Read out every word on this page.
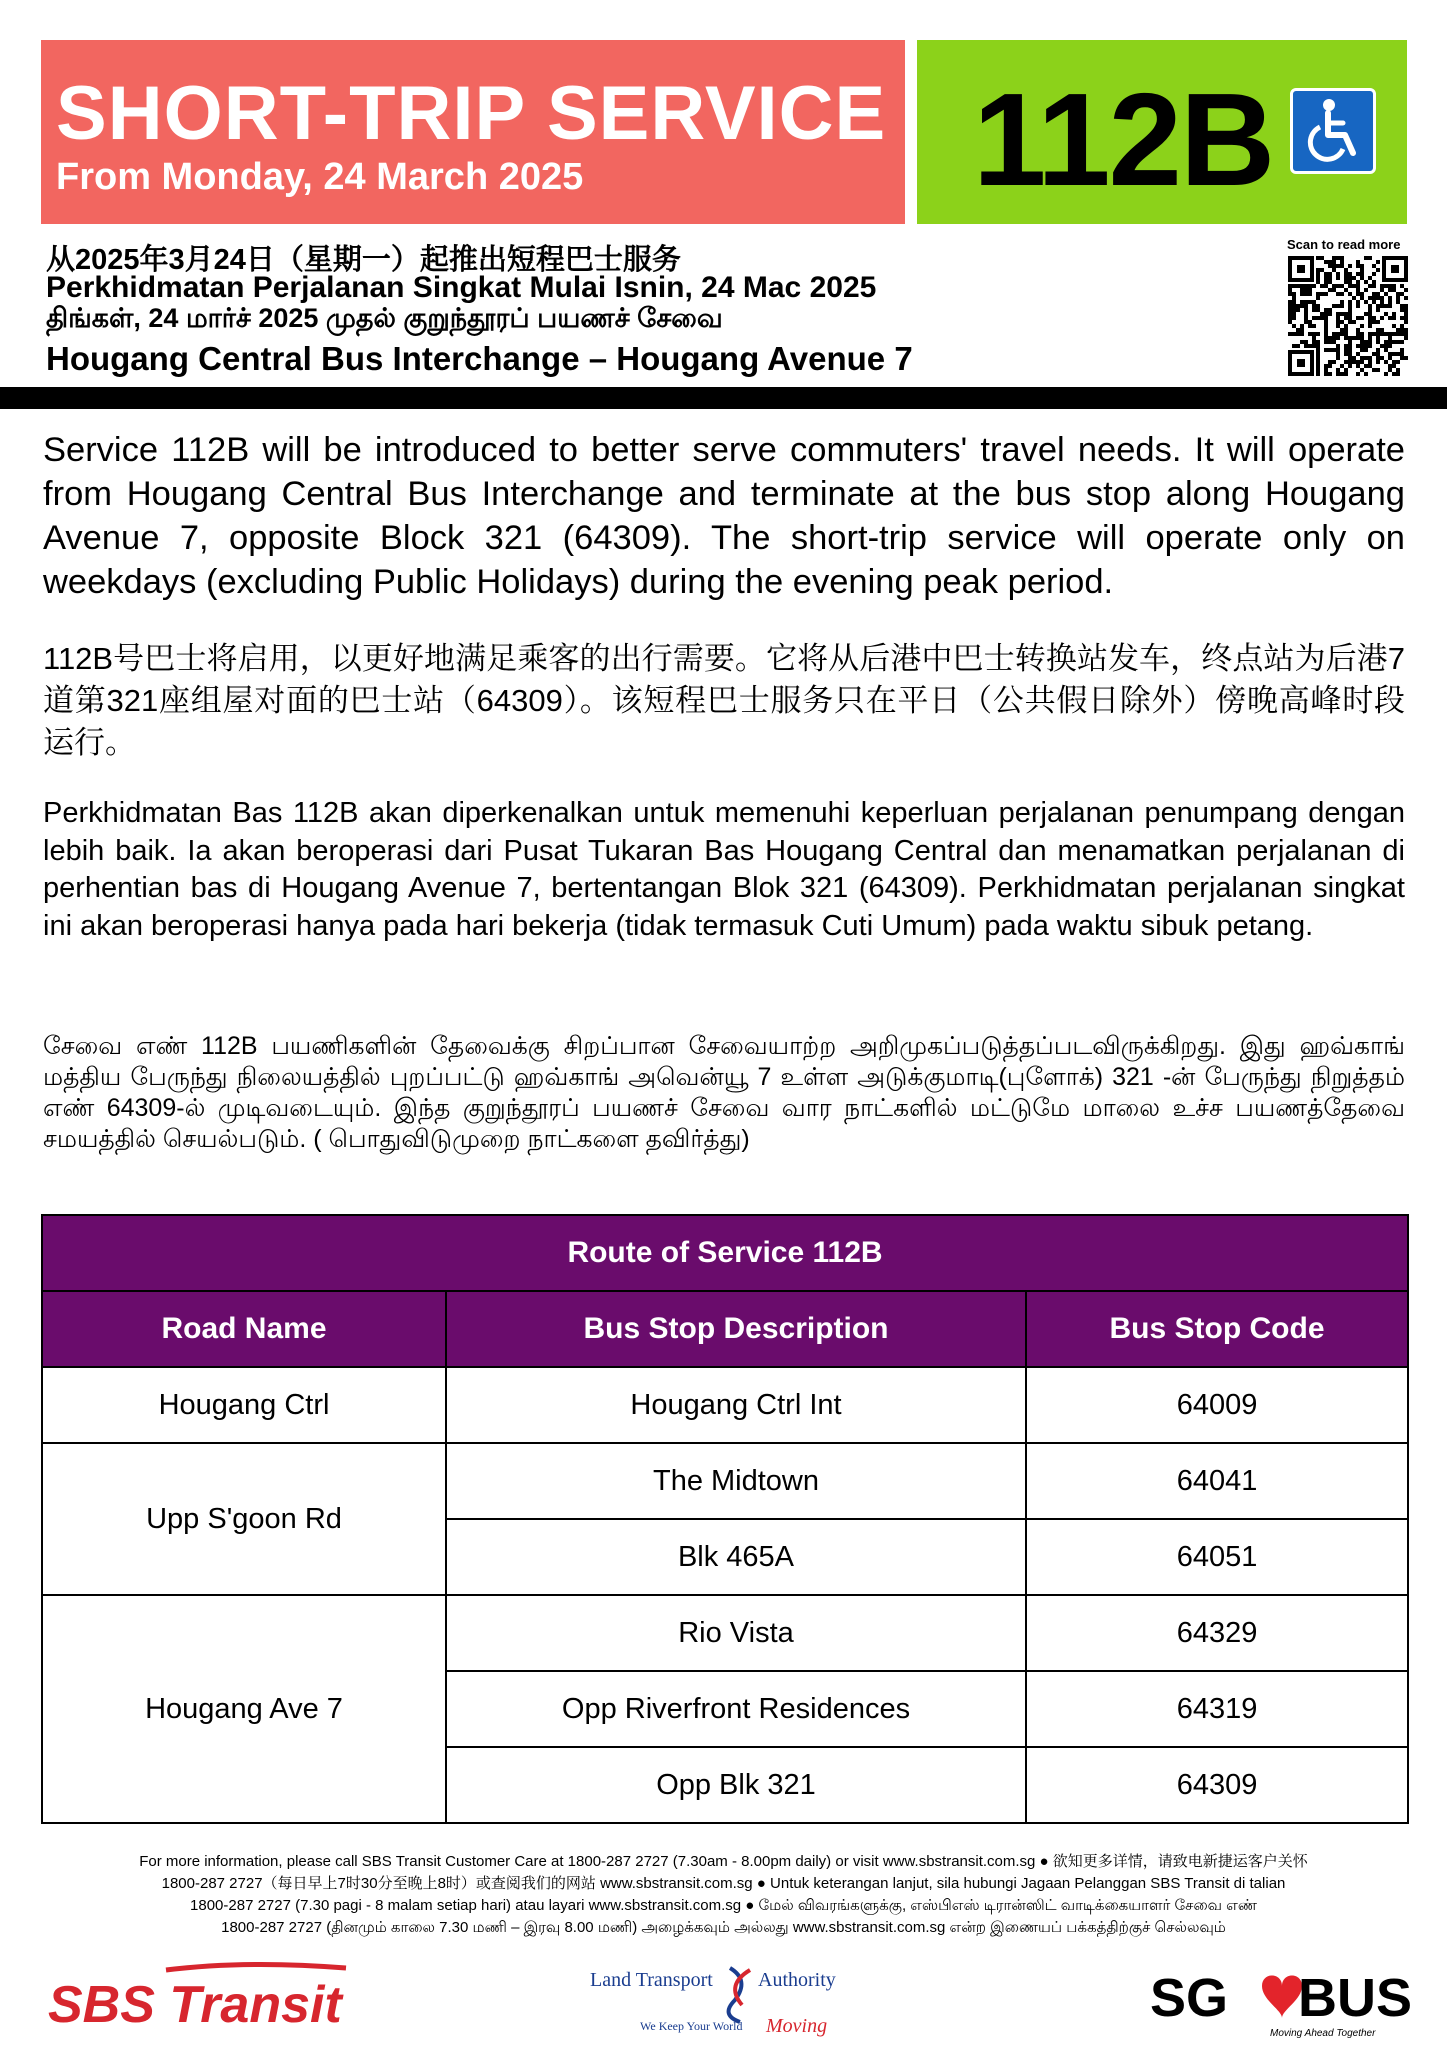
SHORT-TRIP SERVICE
From Monday, 24 March 2025	112B
从2025年3月24日（星期一）起推出短程巴士服务
Perkhidmatan Perjalanan Singkat Mulai Isnin, 24 Mac 2025
திங்கள், 24 மார்ச் 2025 முதல் குறுந்தூரப் பயணச் சேவை
Hougang Central Bus Interchange – Hougang Avenue 7
Scan to read more
Service 112B will be introduced to better serve commuters' travel needs. It will operate from Hougang Central Bus Interchange and terminate at the bus stop along Hougang Avenue 7, opposite Block 321 (64309). The short-trip service will operate only on weekdays (excluding Public Holidays) during the evening peak period.
112B号巴士将启用，以更好地满足乘客的出行需要。它将从后港中巴士转换站发车，终点站为后港7道第321座组屋对面的巴士站（64309）。该短程巴士服务只在平日（公共假日除外）傍晚高峰时段运行。
Perkhidmatan Bas 112B akan diperkenalkan untuk memenuhi keperluan perjalanan penumpang dengan lebih baik. Ia akan beroperasi dari Pusat Tukaran Bas Hougang Central dan menamatkan perjalanan di perhentian bas di Hougang Avenue 7, bertentangan Blok 321 (64309). Perkhidmatan perjalanan singkat ini akan beroperasi hanya pada hari bekerja (tidak termasuk Cuti Umum) pada waktu sibuk petang.
சேவை எண் 112B பயணிகளின் தேவைக்கு சிறப்பான சேவையாற்ற அறிமுகப்படுத்தப்படவிருக்கிறது. இது ஹவ்காங் மத்திய பேருந்து நிலையத்தில் புறப்பட்டு ஹவ்காங் அவென்யூ 7 உள்ள அடுக்குமாடி(புளோக்) 321 -ன் பேருந்து நிறுத்தம் எண் 64309-ல் முடிவடையும். இந்த குறுந்தூரப் பயணச் சேவை வார நாட்களில் மட்டுமே மாலை உச்ச பயணத்தேவை சமயத்தில் செயல்படும். ( பொதுவிடுமுறை நாட்களை தவிர்த்து)
Route of Service 112B		
Road Name	Bus Stop Description	Bus Stop Code
Hougang Ctrl	Hougang Ctrl Int	64009
Upp S'goon Rd	The Midtown	64041
	Blk 465A	64051
Hougang Ave 7	Rio Vista	64329
	Opp Riverfront Residences	64319
	Opp Blk 321	64309
For more information, please call SBS Transit Customer Care at 1800-287 2727 (7.30am - 8.00pm daily) or visit www.sbstransit.com.sg ● 欲知更多详情，请致电新捷运客户关怀
1800-287 2727（每日早上7时30分至晚上8时）或查阅我们的网站 www.sbstransit.com.sg ● Untuk keterangan lanjut, sila hubungi Jagaan Pelanggan SBS Transit di talian
1800-287 2727 (7.30 pagi - 8 malam setiap hari) atau layari www.sbstransit.com.sg ● மேல் விவரங்களுக்கு, எஸ்பிஎஸ் டிரான்ஸிட் வாடிக்கையாளர் சேவை எண்
1800-287 2727 (தினமும் காலை 7.30 மணி – இரவு 8.00 மணி) அழைக்கவும் அல்லது www.sbstransit.com.sg என்ற இணையப் பக்கத்திற்குச் செல்லவும்
SBS Transit	Land Transport Authority
We Keep Your World Moving	SG BUS
Moving Ahead Together
